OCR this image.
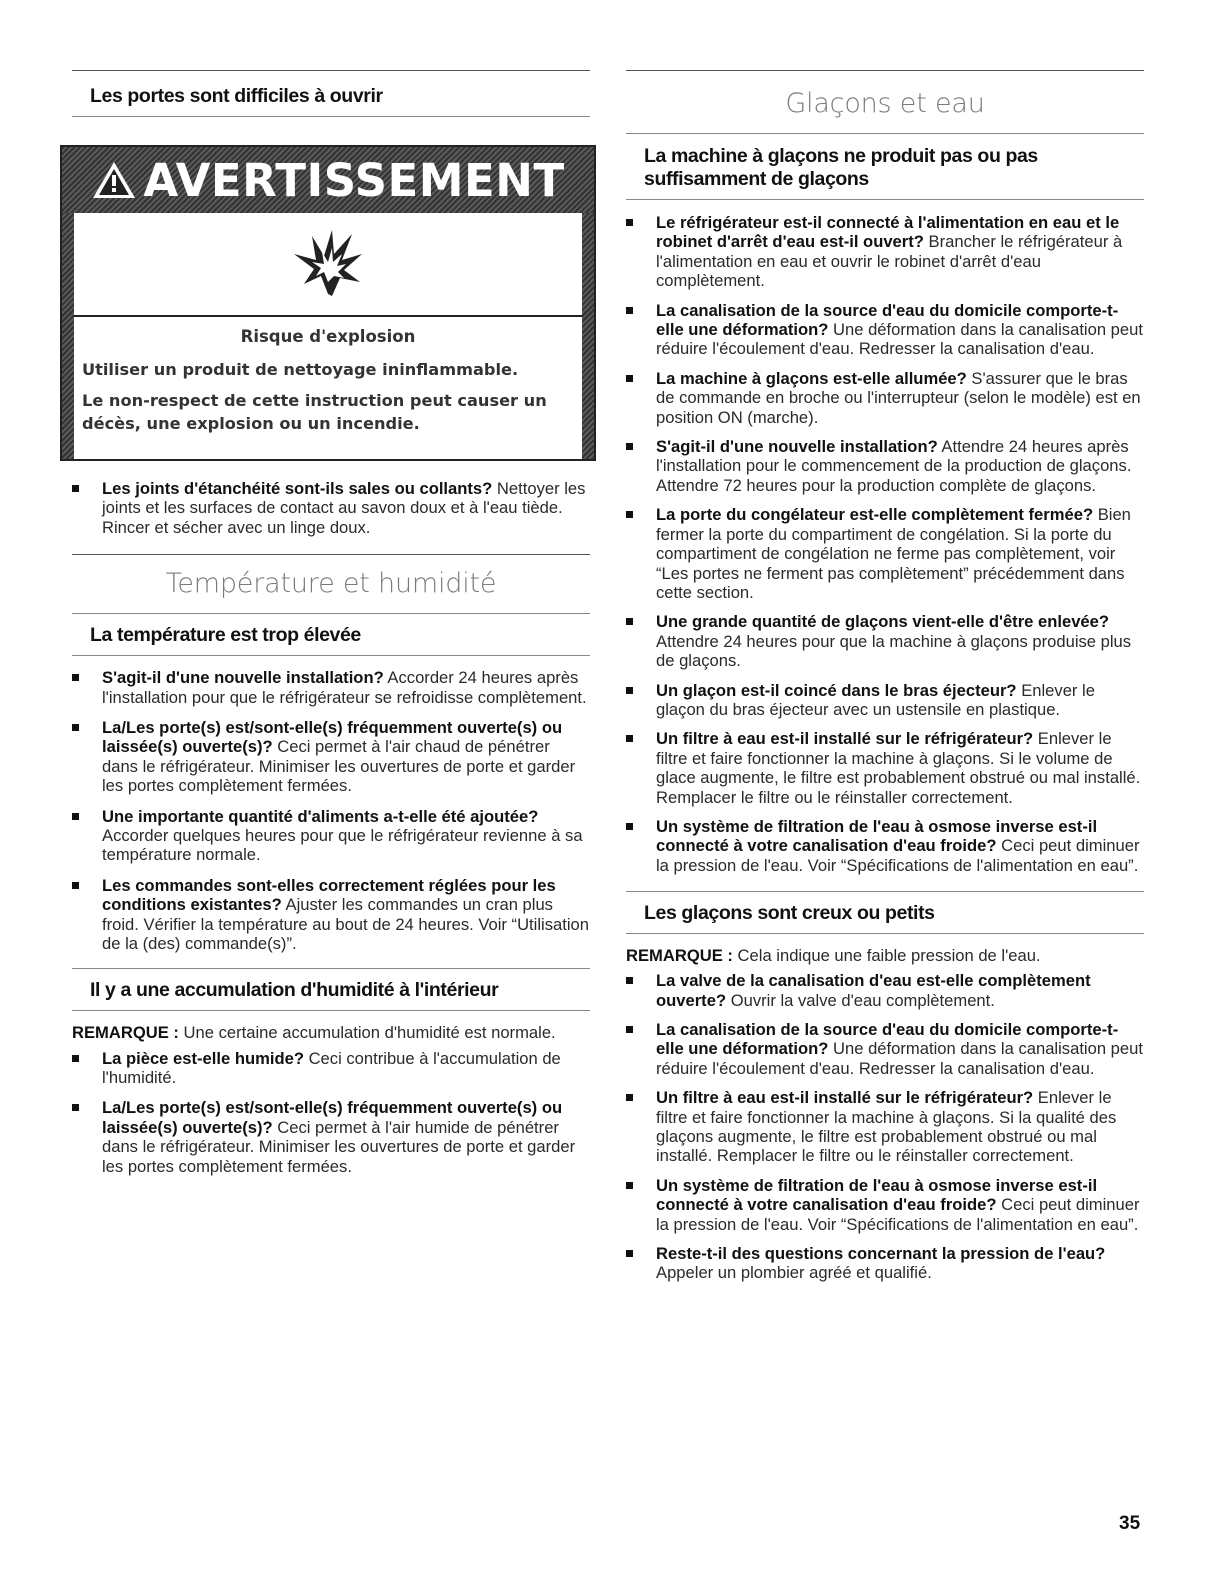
Les portes sont difficiles à ouvrir
AVERTISSEMENT
Risque d'explosion
Utiliser un produit de nettoyage ininflammable.
Le non-respect de cette instruction peut causer un décès, une explosion ou un incendie.
Les joints d'étanchéité sont-ils sales ou collants? Nettoyer les joints et les surfaces de contact au savon doux et à l'eau tiède. Rincer et sécher avec un linge doux.
Température et humidité
La température est trop élevée
S'agit-il d'une nouvelle installation? Accorder 24 heures après l'installation pour que le réfrigérateur se refroidisse complètement.
La/Les porte(s) est/sont-elle(s) fréquemment ouverte(s) ou laissée(s) ouverte(s)? Ceci permet à l'air chaud de pénétrer dans le réfrigérateur. Minimiser les ouvertures de porte et garder les portes complètement fermées.
Une importante quantité d'aliments a-t-elle été ajoutée? Accorder quelques heures pour que le réfrigérateur revienne à sa température normale.
Les commandes sont-elles correctement réglées pour les conditions existantes? Ajuster les commandes un cran plus froid. Vérifier la température au bout de 24 heures. Voir “Utilisation de la (des) commande(s)”.
Il y a une accumulation d'humidité à l'intérieur
REMARQUE : Une certaine accumulation d'humidité est normale.
La pièce est-elle humide? Ceci contribue à l'accumulation de l'humidité.
La/Les porte(s) est/sont-elle(s) fréquemment ouverte(s) ou laissée(s) ouverte(s)? Ceci permet à l'air humide de pénétrer dans le réfrigérateur. Minimiser les ouvertures de porte et garder les portes complètement fermées.
Glaçons et eau
La machine à glaçons ne produit pas ou pas suffisamment de glaçons
Le réfrigérateur est-il connecté à l'alimentation en eau et le robinet d'arrêt d'eau est-il ouvert? Brancher le réfrigérateur à l'alimentation en eau et ouvrir le robinet d'arrêt d'eau complètement.
La canalisation de la source d'eau du domicile comporte-t-elle une déformation? Une déformation dans la canalisation peut réduire l'écoulement d'eau. Redresser la canalisation d'eau.
La machine à glaçons est-elle allumée? S'assurer que le bras de commande en broche ou l'interrupteur (selon le modèle) est en position ON (marche).
S'agit-il d'une nouvelle installation? Attendre 24 heures après l'installation pour le commencement de la production de glaçons. Attendre 72 heures pour la production complète de glaçons.
La porte du congélateur est-elle complètement fermée? Bien fermer la porte du compartiment de congélation. Si la porte du compartiment de congélation ne ferme pas complètement, voir “Les portes ne ferment pas complètement” précédemment dans cette section.
Une grande quantité de glaçons vient-elle d'être enlevée? Attendre 24 heures pour que la machine à glaçons produise plus de glaçons.
Un glaçon est-il coincé dans le bras éjecteur? Enlever le glaçon du bras éjecteur avec un ustensile en plastique.
Un filtre à eau est-il installé sur le réfrigérateur? Enlever le filtre et faire fonctionner la machine à glaçons. Si le volume de glace augmente, le filtre est probablement obstrué ou mal installé. Remplacer le filtre ou le réinstaller correctement.
Un système de filtration de l'eau à osmose inverse est-il connecté à votre canalisation d'eau froide? Ceci peut diminuer la pression de l'eau. Voir “Spécifications de l'alimentation en eau”.
Les glaçons sont creux ou petits
REMARQUE : Cela indique une faible pression de l'eau.
La valve de la canalisation d'eau est-elle complètement ouverte? Ouvrir la valve d'eau complètement.
La canalisation de la source d'eau du domicile comporte-t-elle une déformation? Une déformation dans la canalisation peut réduire l'écoulement d'eau. Redresser la canalisation d'eau.
Un filtre à eau est-il installé sur le réfrigérateur? Enlever le filtre et faire fonctionner la machine à glaçons. Si la qualité des glaçons augmente, le filtre est probablement obstrué ou mal installé. Remplacer le filtre ou le réinstaller correctement.
Un système de filtration de l'eau à osmose inverse est-il connecté à votre canalisation d'eau froide? Ceci peut diminuer la pression de l'eau. Voir “Spécifications de l'alimentation en eau”.
Reste-t-il des questions concernant la pression de l'eau? Appeler un plombier agréé et qualifié.
35
